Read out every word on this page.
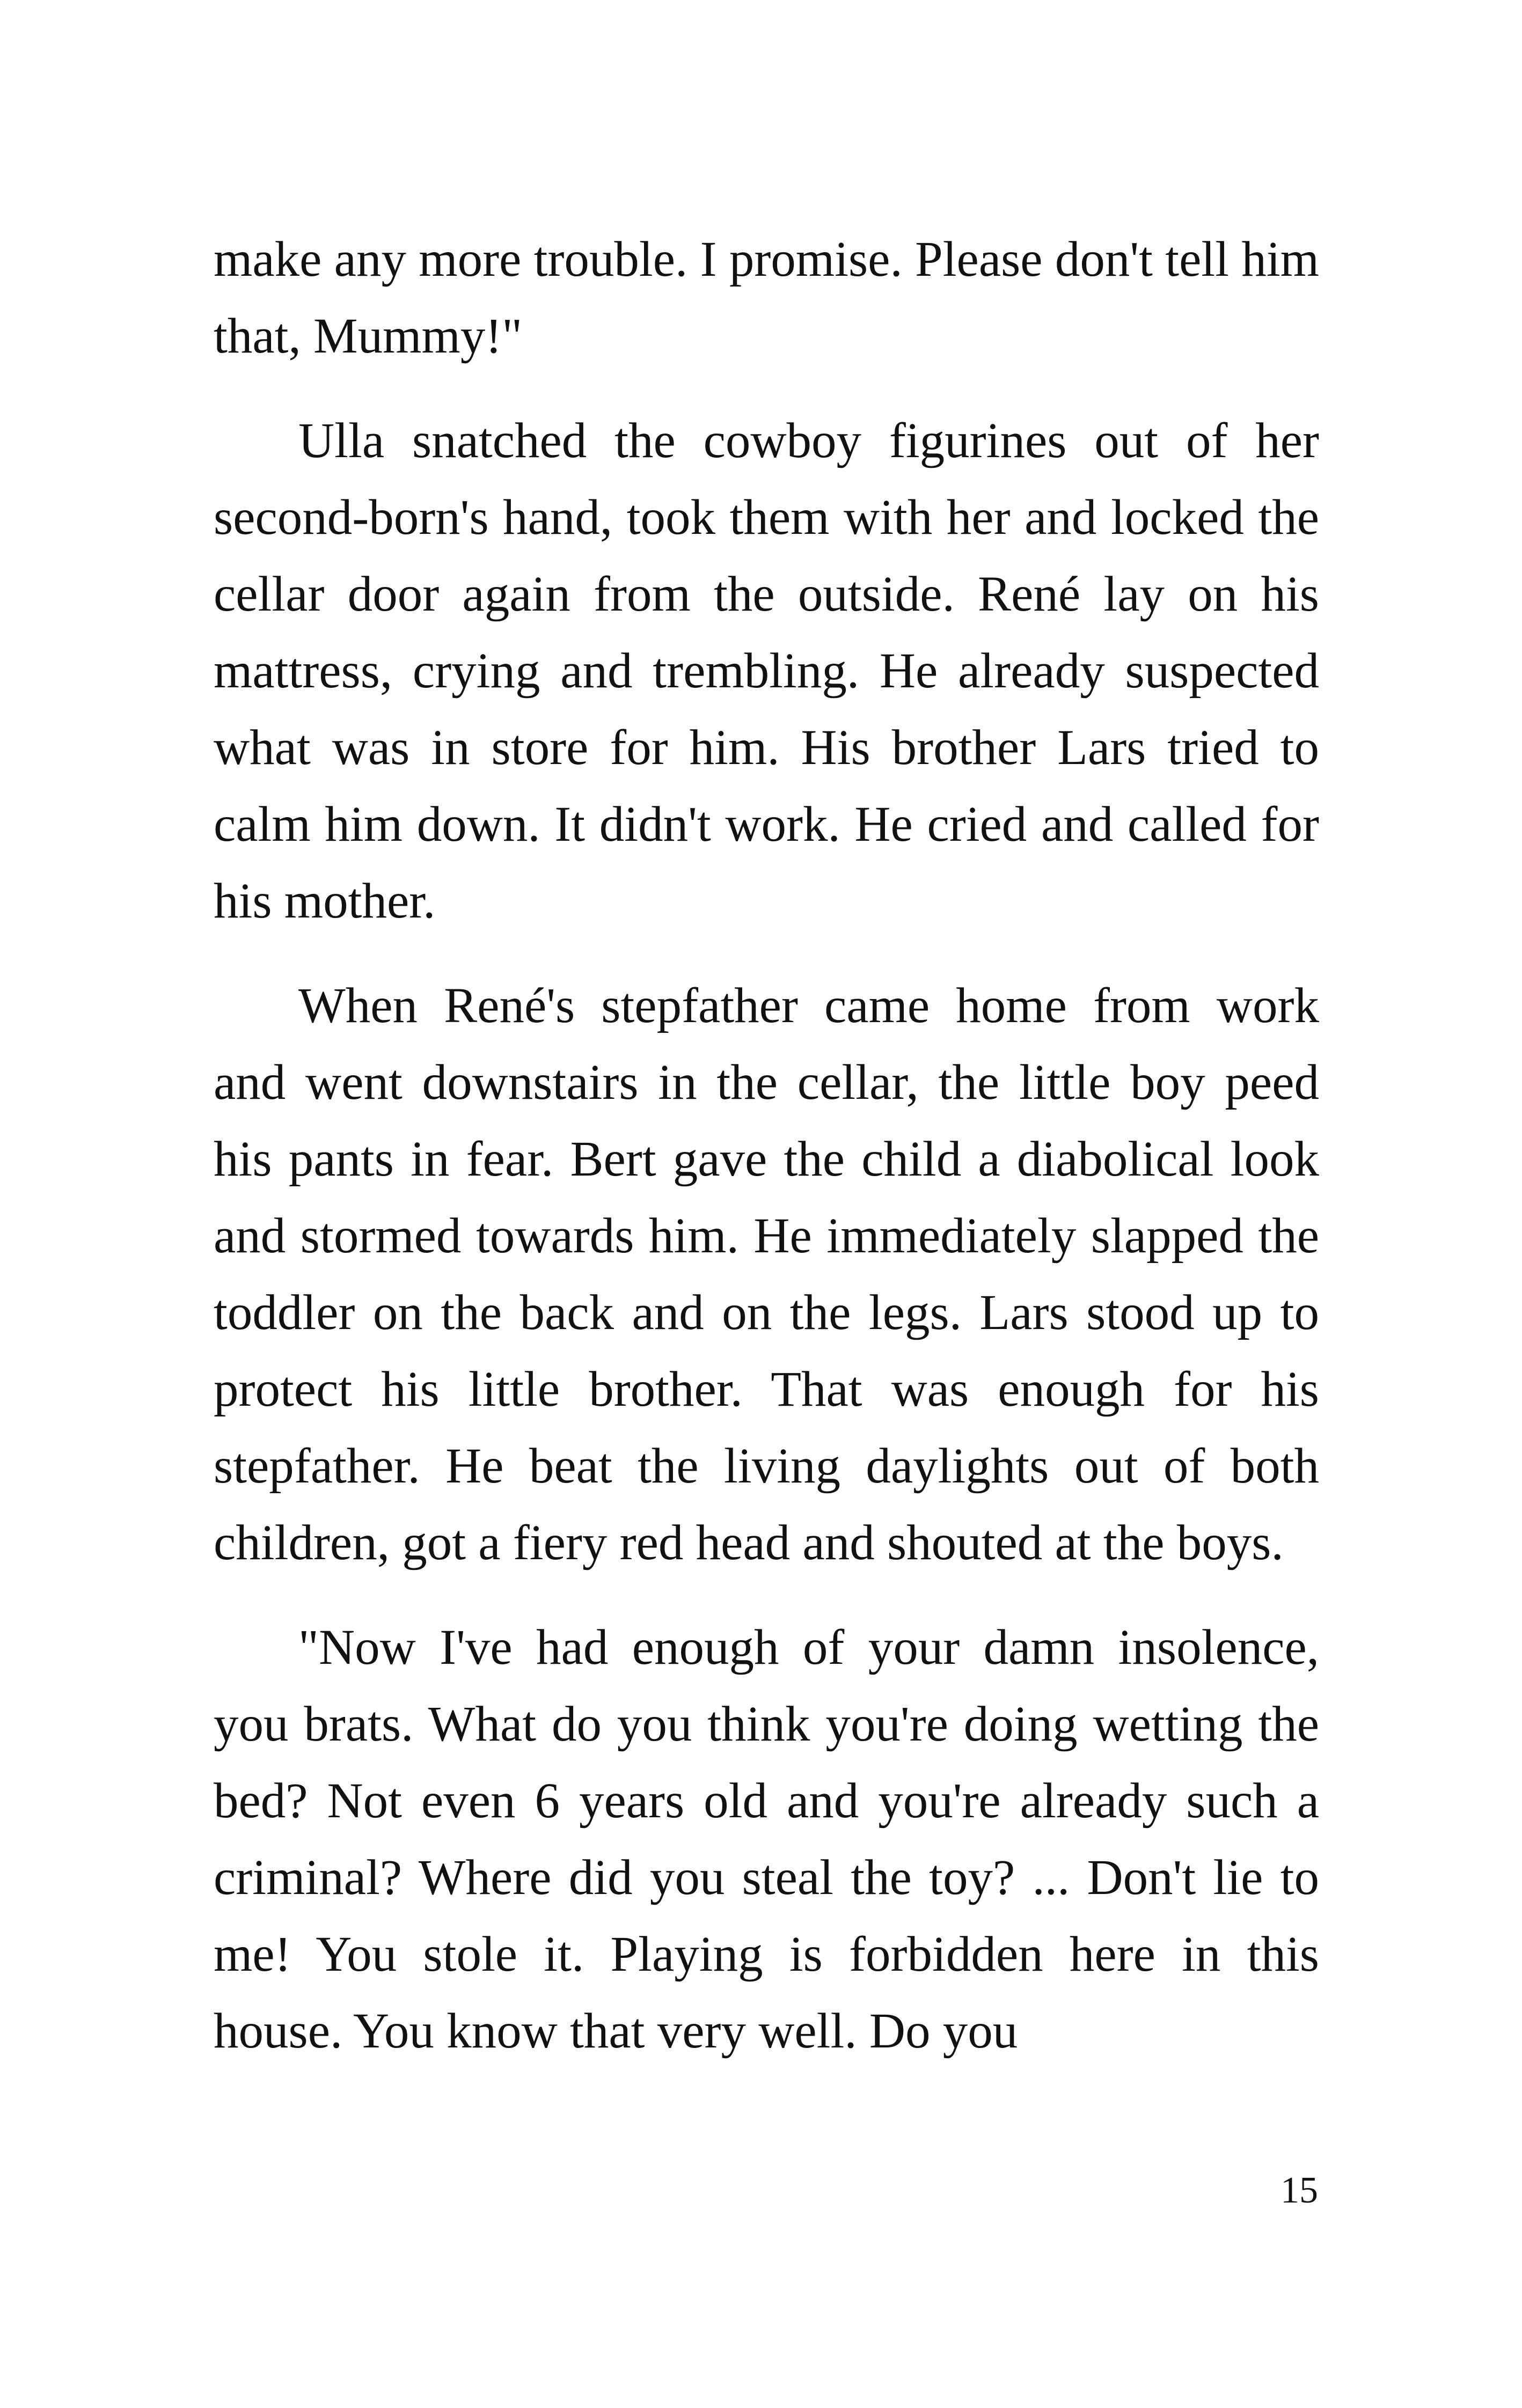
make any more trouble. I promise. Please don't tell him that, Mummy!"

Ulla snatched the cowboy figurines out of her second-born's hand, took them with her and locked the cellar door again from the outside. René lay on his mattress, crying and trembling. He already suspected what was in store for him. His brother Lars tried to calm him down. It didn't work. He cried and called for his mother.

When René's stepfather came home from work and went downstairs in the cellar, the little boy peed his pants in fear. Bert gave the child a diabolical look and stormed towards him. He immediately slapped the toddler on the back and on the legs. Lars stood up to protect his little brother. That was enough for his stepfather. He beat the living daylights out of both children, got a fiery red head and shouted at the boys.

"Now I've had enough of your damn insolence, you brats. What do you think you're doing wetting the bed? Not even 6 years old and you're already such a criminal? Where did you steal the toy? ... Don't lie to me! You stole it. Playing is forbidden here in this house. You know that very well. Do you

15
